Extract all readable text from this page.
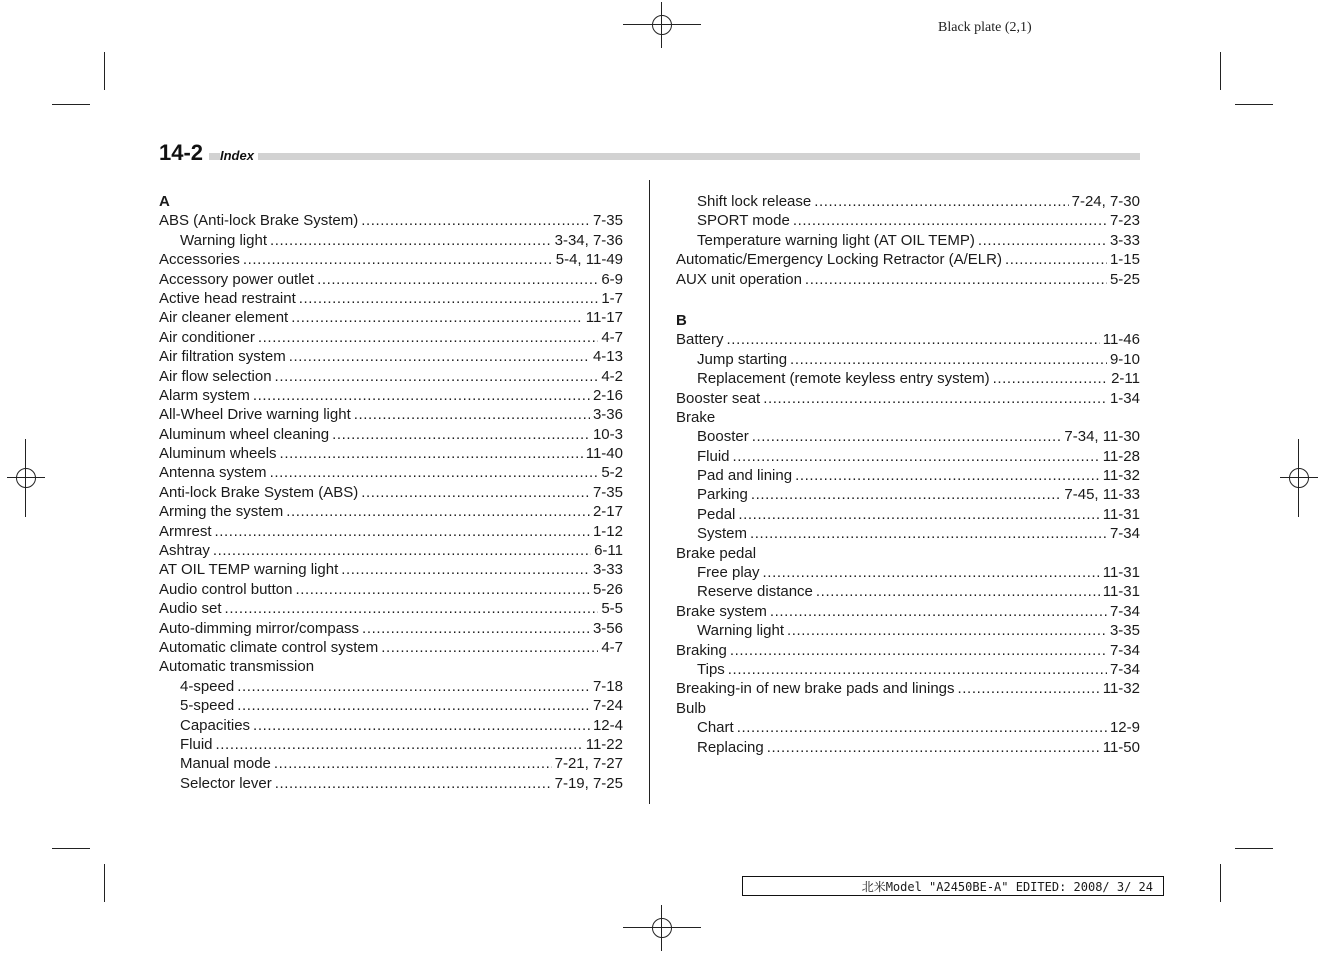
Black plate (2,1)
14-2	Index
A
ABS (Anti-lock Brake System) .....	7-35
Warning light .....	3-34, 7-36
Accessories .....	5-4, 11-49
Accessory power outlet .....	6-9
Active head restraint .....	1-7
Air cleaner element .....	11-17
Air conditioner .....	4-7
Air filtration system .....	4-13
Air flow selection .....	4-2
Alarm system .....	2-16
All-Wheel Drive warning light .....	3-36
Aluminum wheel cleaning .....	10-3
Aluminum wheels .....	11-40
Antenna system .....	5-2
Anti-lock Brake System (ABS) .....	7-35
Arming the system .....	2-17
Armrest .....	1-12
Ashtray .....	6-11
AT OIL TEMP warning light .....	3-33
Audio control button .....	5-26
Audio set .....	5-5
Auto-dimming mirror/compass .....	3-56
Automatic climate control system .....	4-7
Automatic transmission
4-speed .....	7-18
5-speed .....	7-24
Capacities .....	12-4
Fluid .....	11-22
Manual mode .....	7-21, 7-27
Selector lever .....	7-19, 7-25
Shift lock release .....	7-24, 7-30
SPORT mode .....	7-23
Temperature warning light (AT OIL TEMP) .....	3-33
Automatic/Emergency Locking Retractor (A/ELR) .....	1-15
AUX unit operation .....	5-25
B
Battery .....	11-46
Jump starting .....	9-10
Replacement (remote keyless entry system) .....	2-11
Booster seat .....	1-34
Brake
Booster .....	7-34, 11-30
Fluid .....	11-28
Pad and lining .....	11-32
Parking .....	7-45, 11-33
Pedal .....	11-31
System .....	7-34
Brake pedal
Free play .....	11-31
Reserve distance .....	11-31
Brake system .....	7-34
Warning light .....	3-35
Braking .....	7-34
Tips .....	7-34
Breaking-in of new brake pads and linings .....	11-32
Bulb
Chart .....	12-9
Replacing .....	11-50
北米Model "A2450BE-A" EDITED: 2008/ 3/ 24
